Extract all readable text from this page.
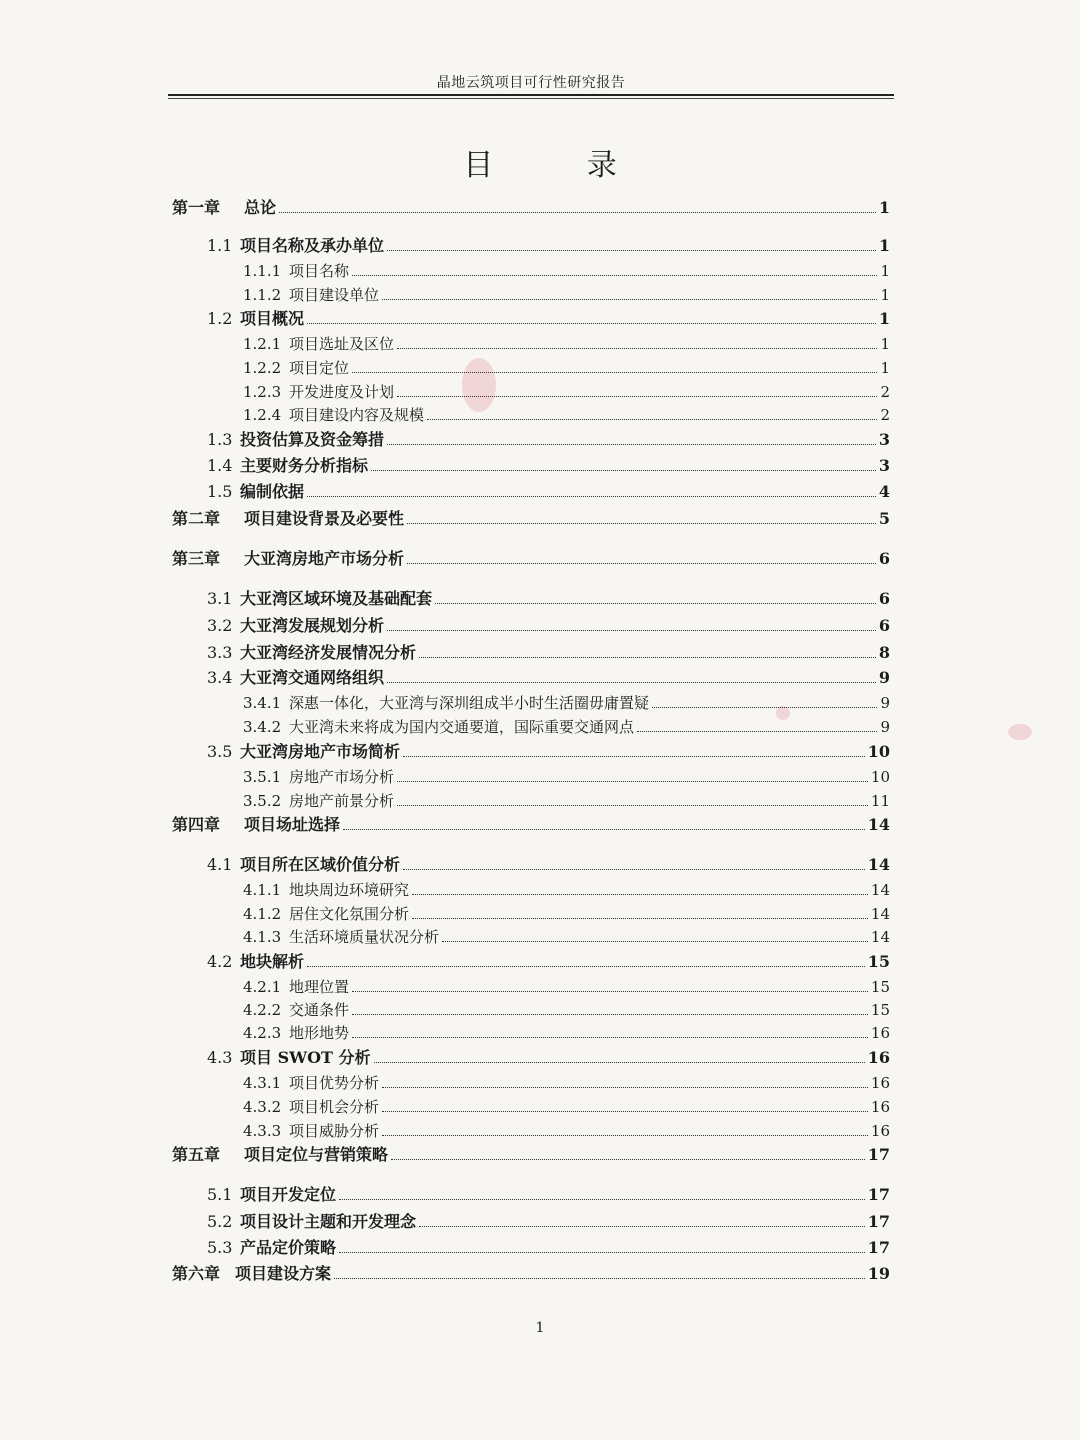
晶地云筑项目可行性研究报告
目 录
第一章	总论	1
1.1 项目名称及承办单位	1
1.1.1 项目名称	1
1.1.2 项目建设单位	1
1.2 项目概况	1
1.2.1 项目选址及区位	1
1.2.2 项目定位	1
1.2.3 开发进度及计划	2
1.2.4 项目建设内容及规模	2
1.3 投资估算及资金筹措	3
1.4 主要财务分析指标	3
1.5 编制依据	4
第二章	项目建设背景及必要性	5
第三章	大亚湾房地产市场分析	6
3.1 大亚湾区域环境及基础配套	6
3.2 大亚湾发展规划分析	6
3.3 大亚湾经济发展情况分析	8
3.4 大亚湾交通网络组织	9
3.4.1 深惠一体化，大亚湾与深圳组成半小时生活圈毋庸置疑	9
3.4.2 大亚湾未来将成为国内交通要道，国际重要交通网点	9
3.5 大亚湾房地产市场简析	10
3.5.1 房地产市场分析	10
3.5.2 房地产前景分析	11
第四章	项目场址选择	14
4.1 项目所在区域价值分析	14
4.1.1 地块周边环境研究	14
4.1.2 居住文化氛围分析	14
4.1.3 生活环境质量状况分析	14
4.2 地块解析	15
4.2.1 地理位置	15
4.2.2 交通条件	15
4.2.3 地形地势	16
4.3 项目 SWOT 分析	16
4.3.1 项目优势分析	16
4.3.2 项目机会分析	16
4.3.3 项目威胁分析	16
第五章	项目定位与营销策略	17
5.1 项目开发定位	17
5.2 项目设计主题和开发理念	17
5.3 产品定价策略	17
第六章 项目建设方案	19
1
